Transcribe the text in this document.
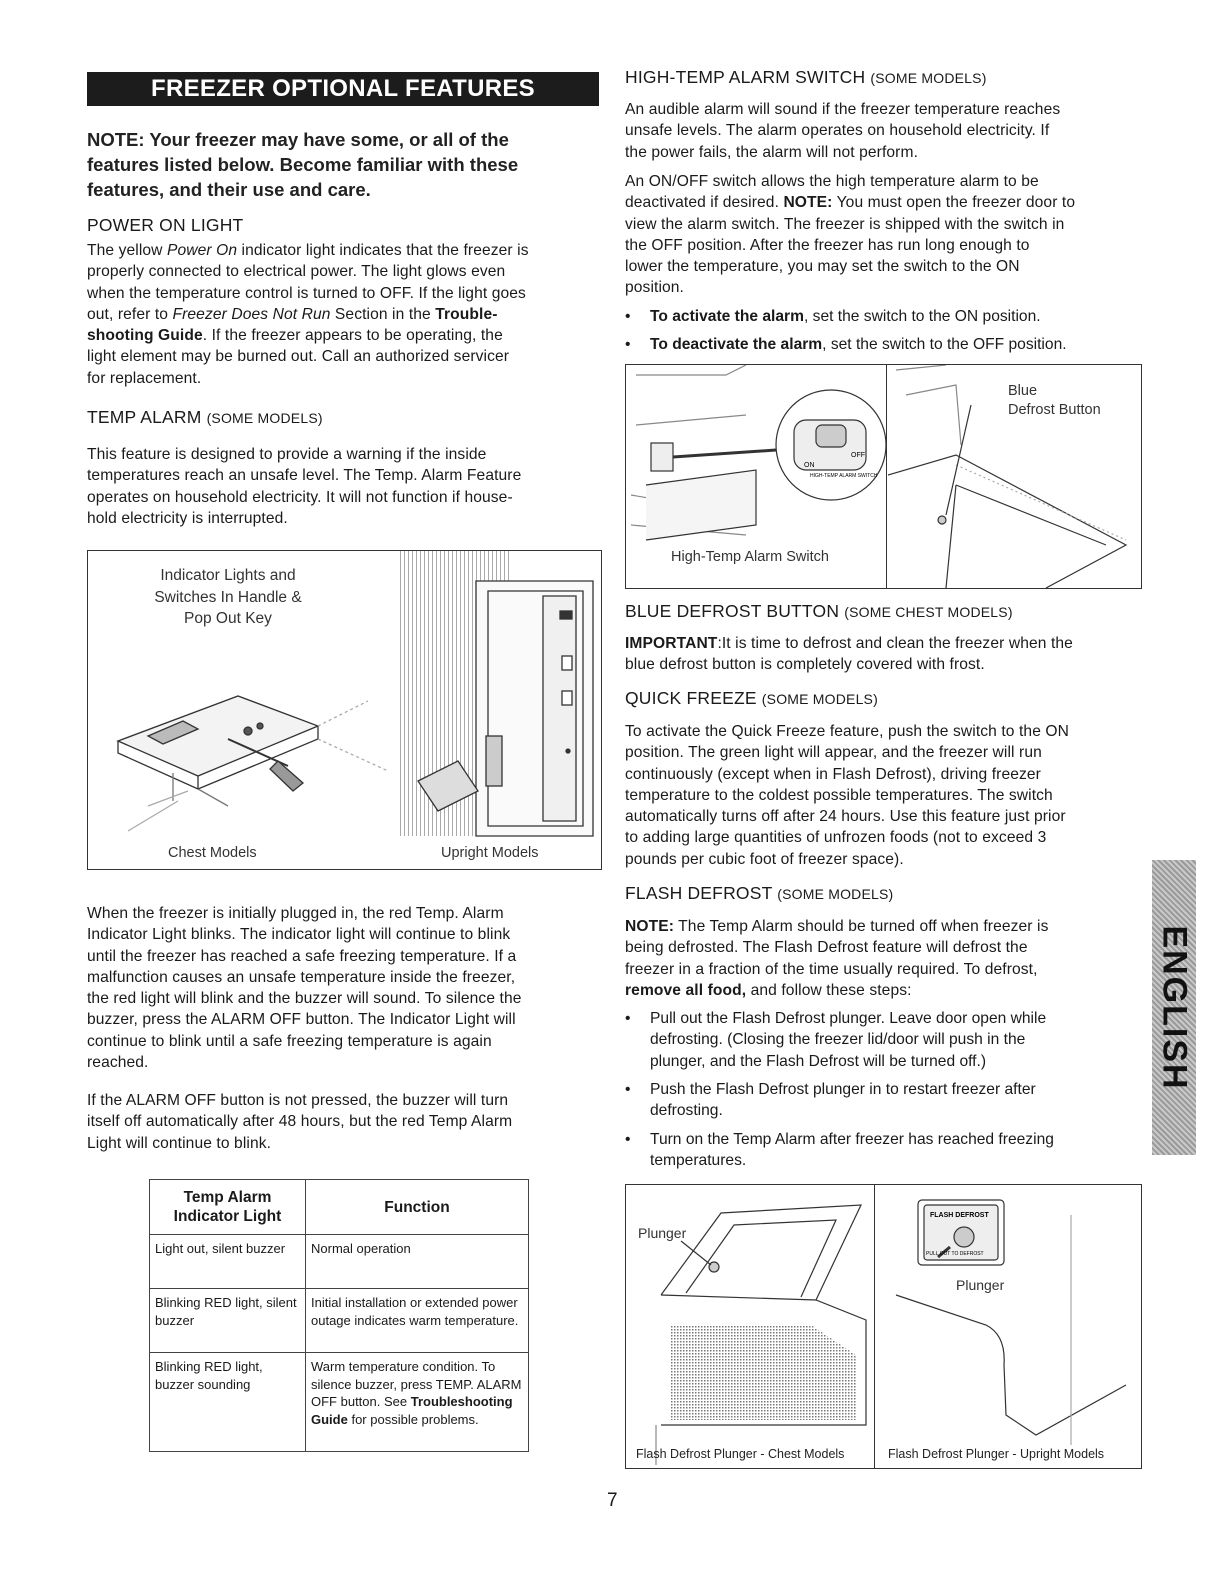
FREEZER OPTIONAL FEATURES
NOTE: Your freezer may have some, or all of the
features listed below. Become familiar with these
features, and their use and care.
POWER ON LIGHT

The yellow Power On indicator light indicates that the freezer is

properly connected to electrical power. The light glows even

when the temperature control is turned to OFF. If the light goes

out, refer to Freezer Does Not Run Section in the Trouble-

shooting Guide. If the freezer appears to be operating, the

light element may be burned out. Call an authorized servicer

for replacement.

TEMP ALARM (SOME MODELS)

This feature is designed to provide a warning if the inside

temperatures reach an unsafe level. The Temp. Alarm Feature

operates on household electricity. It will not function if house-

hold electricity is interrupted.

Indicator Lights and
Switches In Handle &
Pop Out Key
Chest Models	Upright Models

When the freezer is initially plugged in, the red Temp. Alarm

Indicator Light blinks. The indicator light will continue to blink

until the freezer has reached a safe freezing temperature. If a

malfunction causes an unsafe temperature inside the freezer,

the red light will blink and the buzzer will sound. To silence the

buzzer, press the ALARM OFF button. The Indicator Light will

continue to blink until a safe freezing temperature is again

reached.

If the ALARM OFF button is not pressed, the buzzer will turn

itself off automatically after 48 hours, but the red Temp Alarm

Light will continue to blink.

Temp Alarm Indicator Light	Function
Light out, silent buzzer	Normal operation
Blinking RED light, silent buzzer	Initial installation or extended power outage indicates warm temperature.
Blinking RED light, buzzer sounding	Warm temperature condition. To silence buzzer, press TEMP. ALARM OFF button. See Troubleshooting Guide for possible problems.
HIGH-TEMP ALARM SWITCH (SOME MODELS)

An audible alarm will sound if the freezer temperature reaches

unsafe levels. The alarm operates on household electricity. If

the power fails, the alarm will not perform.

An ON/OFF switch allows the high temperature alarm to be

deactivated if desired. NOTE: You must open the freezer door to

view the alarm switch. The freezer is shipped with the switch in

the OFF position. After the freezer has run long enough to

lower the temperature, you may set the switch to the ON

position.

• To activate the alarm, set the switch to the ON position.
• To deactivate the alarm, set the switch to the OFF position.
OFF
ON
HIGH-TEMP ALARM SWITCH
High-Temp Alarm Switch
Blue
Defrost Button
BLUE DEFROST BUTTON (SOME CHEST MODELS)

IMPORTANT:It is time to defrost and clean the freezer when the

blue defrost button is completely covered with frost.

QUICK FREEZE (SOME MODELS)

To activate the Quick Freeze feature, push the switch to the ON

position. The green light will appear, and the freezer will run

continuously (except when in Flash Defrost), driving freezer

temperature to the coldest possible temperatures. The switch

automatically turns off after 24 hours. Use this feature just prior

to adding large quantities of unfrozen foods (not to exceed 3

pounds per cubic foot of freezer space).

FLASH DEFROST (SOME MODELS)

NOTE: The Temp Alarm should be turned off when freezer is

being defrosted. The Flash Defrost feature will defrost the

freezer in a fraction of the time usually required. To defrost,

remove all food, and follow these steps:

• Pull out the Flash Defrost plunger. Leave door open while
defrosting. (Closing the freezer lid/door will push in the
plunger, and the Flash Defrost will be turned off.)
• Push the Flash Defrost plunger in to restart freezer after
defrosting.
• Turn on the Temp Alarm after freezer has reached freezing
temperatures.
FLASH DEFROST
PULL OUT TO DEFROST
Plunger
Plunger
Flash Defrost Plunger - Chest Models	Flash Defrost Plunger - Upright Models
ENGLISH
7
